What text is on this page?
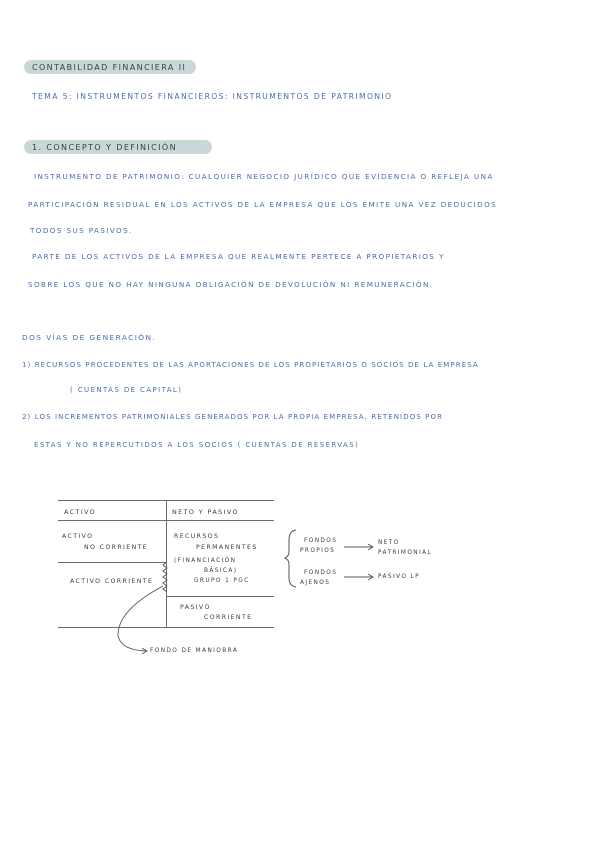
CONTABILIDAD FINANCIERA II
TEMA 5: INSTRUMENTOS FINANCIEROS: INSTRUMENTOS DE PATRIMONIO
1. CONCEPTO Y DEFINICIÓN
INSTRUMENTO DE PATRIMONIO: CUALQUIER NEGOCIO JURÍDICO QUE EVIDENCIA O REFLEJA UNA
PARTICIPACIÓN RESIDUAL EN LOS ACTIVOS DE LA EMPRESA QUE LOS EMITE UNA VEZ DEDUCIDOS
TODOS SUS PASIVOS.
PARTE DE LOS ACTIVOS DE LA EMPRESA QUE REALMENTE PERTECE A PROPIETARIOS Y
SOBRE LOS QUE NO HAY NINGUNA OBLIGACIÓN DE DEVOLUCIÓN NI REMUNERACIÓN.
DOS VÍAS DE GENERACIÓN.
1) RECURSOS PROCEDENTES DE LAS APORTACIONES DE LOS PROPIETARIOS O SOCIOS DE LA EMPRESA
( CUENTAS DE CAPITAL)
2) LOS INCREMENTOS PATRIMONIALES GENERADOS POR LA PROPIA EMPRESA, RETENIDOS POR
ESTAS Y NO REPERCUTIDOS A LOS SOCIOS ( CUENTAS DE RESERVAS)
ACTIVO	NETO Y PASIVO
ACTIVO
NO CORRIENTE
ACTIVO CORRIENTE
RECURSOS
PERMANENTES
(FINANCIACIÓN
BÁSICA)
GRUPO 1 PGC
PASIVO
CORRIENTE
FONDO DE MANIOBRA
FONDOS
PROPIOS
FONDOS
AJENOS
NETO
PATRIMONIAL
PASIVO LP
